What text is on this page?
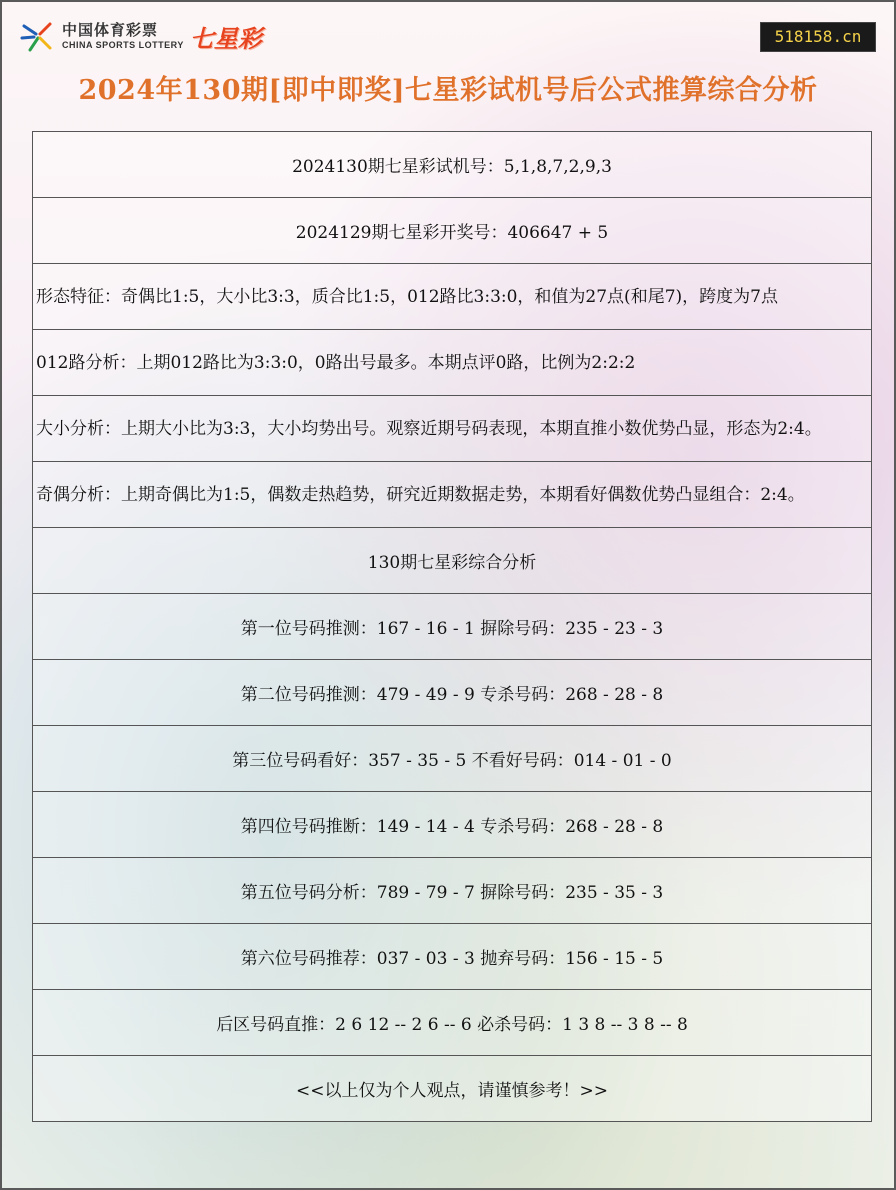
中国体育彩票
CHINA SPORTS LOTTERY 七星彩	518158.cn
2024年130期[即中即奖]七星彩试机号后公式推算综合分析
2024130期七星彩试机号：5,1,8,7,2,9,3
2024129期七星彩开奖号：406647 + 5
形态特征：奇偶比1:5，大小比3:3，质合比1:5，012路比3:3:0，和值为27点(和尾7)，跨度为7点
012路分析：上期012路比为3:3:0，0路出号最多。本期点评0路，比例为2:2:2
大小分析：上期大小比为3:3，大小均势出号。观察近期号码表现，本期直推小数优势凸显，形态为2:4。
奇偶分析：上期奇偶比为1:5，偶数走热趋势，研究近期数据走势，本期看好偶数优势凸显组合：2:4。
130期七星彩综合分析
第一位号码推测：167 - 16 - 1 摒除号码：235 - 23 - 3
第二位号码推测：479 - 49 - 9 专杀号码：268 - 28 - 8
第三位号码看好：357 - 35 - 5 不看好号码：014 - 01 - 0
第四位号码推断：149 - 14 - 4 专杀号码：268 - 28 - 8
第五位号码分析：789 - 79 - 7 摒除号码：235 - 35 - 3
第六位号码推荐：037 - 03 - 3 抛弃号码：156 - 15 - 5
后区号码直推：2 6 12 -- 2 6 -- 6 必杀号码：1 3 8 -- 3 8 -- 8
<<以上仅为个人观点，请谨慎参考！>>
